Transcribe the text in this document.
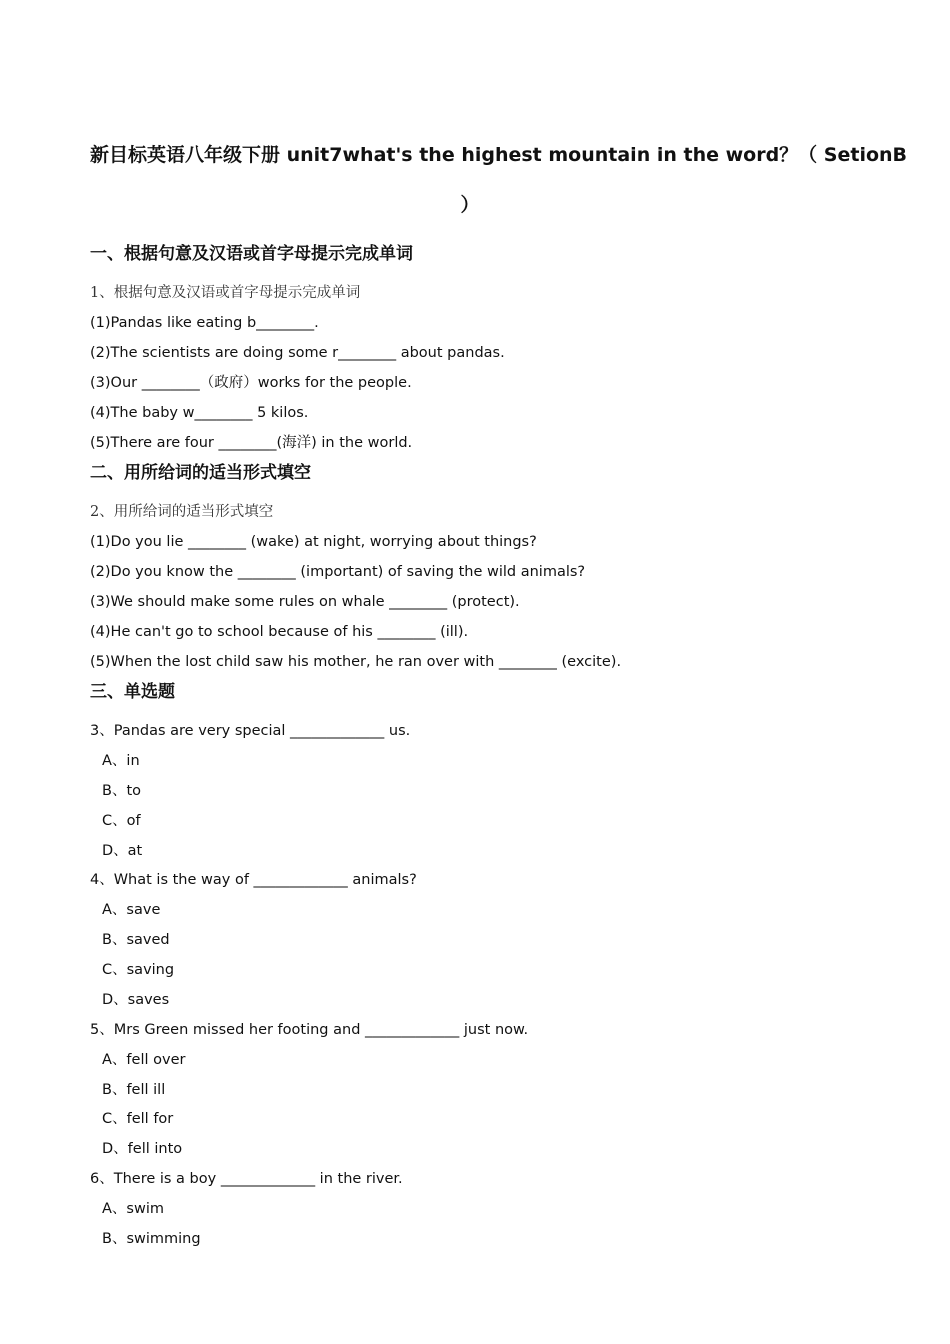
新目标英语八年级下册 unit7what's the highest mountain in the word？（ SetionB
）
一、根据句意及汉语或首字母提示完成单词
1、根据句意及汉语或首字母提示完成单词
(1)Pandas like eating b________.
(2)The scientists are doing some r________ about pandas.
(3)Our ________（政府）works for the people.
(4)The baby w________ 5 kilos.
(5)There are four ________(海洋) in the world.
二、用所给词的适当形式填空
2、用所给词的适当形式填空
(1)Do you lie ________ (wake) at night, worrying about things?
(2)Do you know the ________ (important) of saving the wild animals?
(3)We should make some rules on whale ________ (protect).
(4)He can't go to school because of his ________ (ill).
(5)When the lost child saw his mother, he ran over with ________ (excite).
三、单选题
3、Pandas are very special _____________ us.
A、in
B、to
C、of
D、at
4、What is the way of _____________ animals?
A、save
B、saved
C、saving
D、saves
5、Mrs Green missed her footing and _____________ just now.
A、fell over
B、fell ill
C、fell for
D、fell into
6、There is a boy _____________ in the river.
A、swim
B、swimming
